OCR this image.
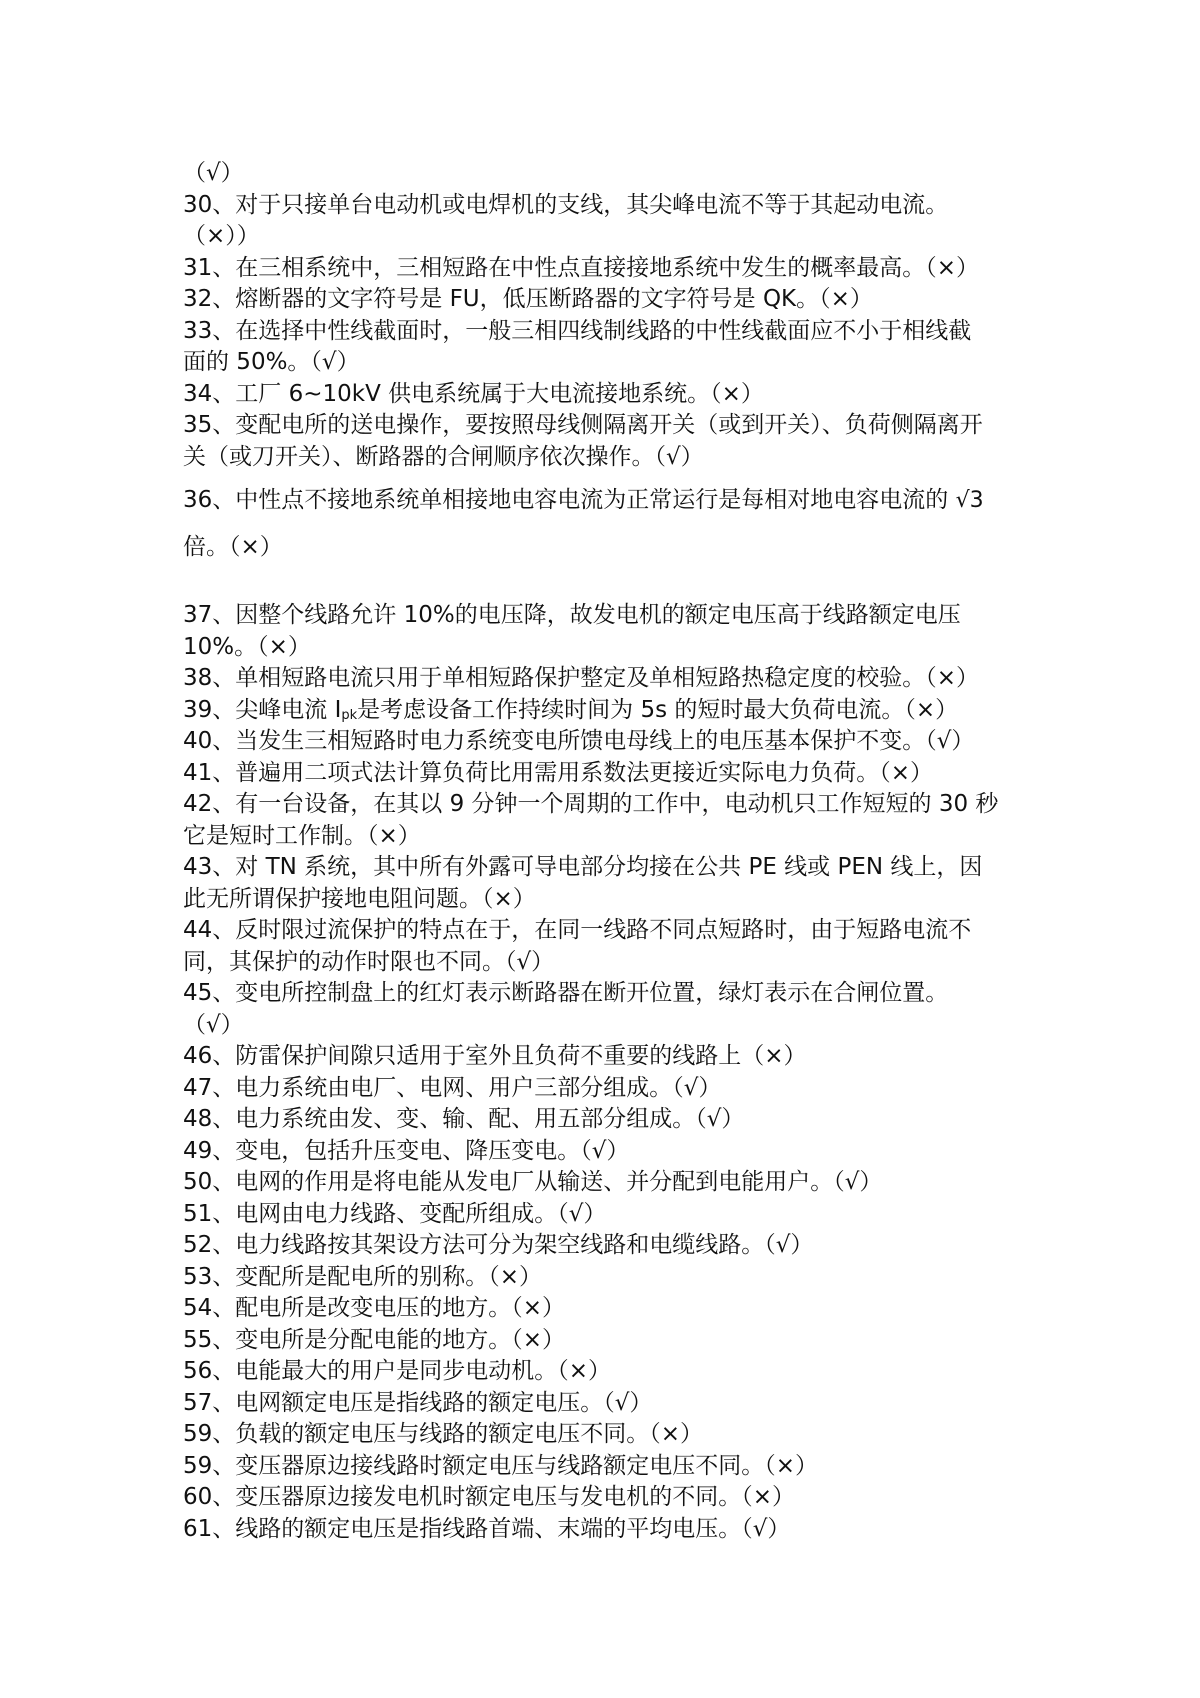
（√）
30、对于只接单台电动机或电焊机的支线，其尖峰电流不等于其起动电流。
（×））
31、在三相系统中，三相短路在中性点直接接地系统中发生的概率最高。（×）
32、熔断器的文字符号是 FU，低压断路器的文字符号是 QK。（×）
33、在选择中性线截面时，一般三相四线制线路的中性线截面应不小于相线截
面的 50%。（√）
34、工厂 6~10kV 供电系统属于大电流接地系统。（×）
35、变配电所的送电操作，要按照母线侧隔离开关（或到开关）、负荷侧隔离开
关（或刀开关）、断路器的合闸顺序依次操作。（√）
36、中性点不接地系统单相接地电容电流为正常运行是每相对地电容电流的 √3
倍。（×）
37、因整个线路允许 10%的电压降，故发电机的额定电压高于线路额定电压
10%。（×）
38、单相短路电流只用于单相短路保护整定及单相短路热稳定度的校验。（×）
39、尖峰电流 $I_{pk}$是考虑设备工作持续时间为 5s 的短时最大负荷电流。（×）
40、当发生三相短路时电力系统变电所馈电母线上的电压基本保护不变。（√）
41、普遍用二项式法计算负荷比用需用系数法更接近实际电力负荷。（×）
42、有一台设备，在其以 9 分钟一个周期的工作中，电动机只工作短短的 30 秒
它是短时工作制。（×）
43、对 TN 系统，其中所有外露可导电部分均接在公共 PE 线或 PEN 线上，因
此无所谓保护接地电阻问题。（×）
44、反时限过流保护的特点在于，在同一线路不同点短路时，由于短路电流不
同，其保护的动作时限也不同。（√）
45、变电所控制盘上的红灯表示断路器在断开位置，绿灯表示在合闸位置。
（√）
46、防雷保护间隙只适用于室外且负荷不重要的线路上（×）
47、电力系统由电厂、电网、用户三部分组成。（√）
48、电力系统由发、变、输、配、用五部分组成。（√）
49、变电，包括升压变电、降压变电。（√）
50、电网的作用是将电能从发电厂从输送、并分配到电能用户。（√）
51、电网由电力线路、变配所组成。（√）
52、电力线路按其架设方法可分为架空线路和电缆线路。（√）
53、变配所是配电所的别称。（×）
54、配电所是改变电压的地方。（×）
55、变电所是分配电能的地方。（×）
56、电能最大的用户是同步电动机。（×）
57、电网额定电压是指线路的额定电压。（√）
59、负载的额定电压与线路的额定电压不同。（×）
59、变压器原边接线路时额定电压与线路额定电压不同。（×）
60、变压器原边接发电机时额定电压与发电机的不同。（×）
61、线路的额定电压是指线路首端、末端的平均电压。（√）
